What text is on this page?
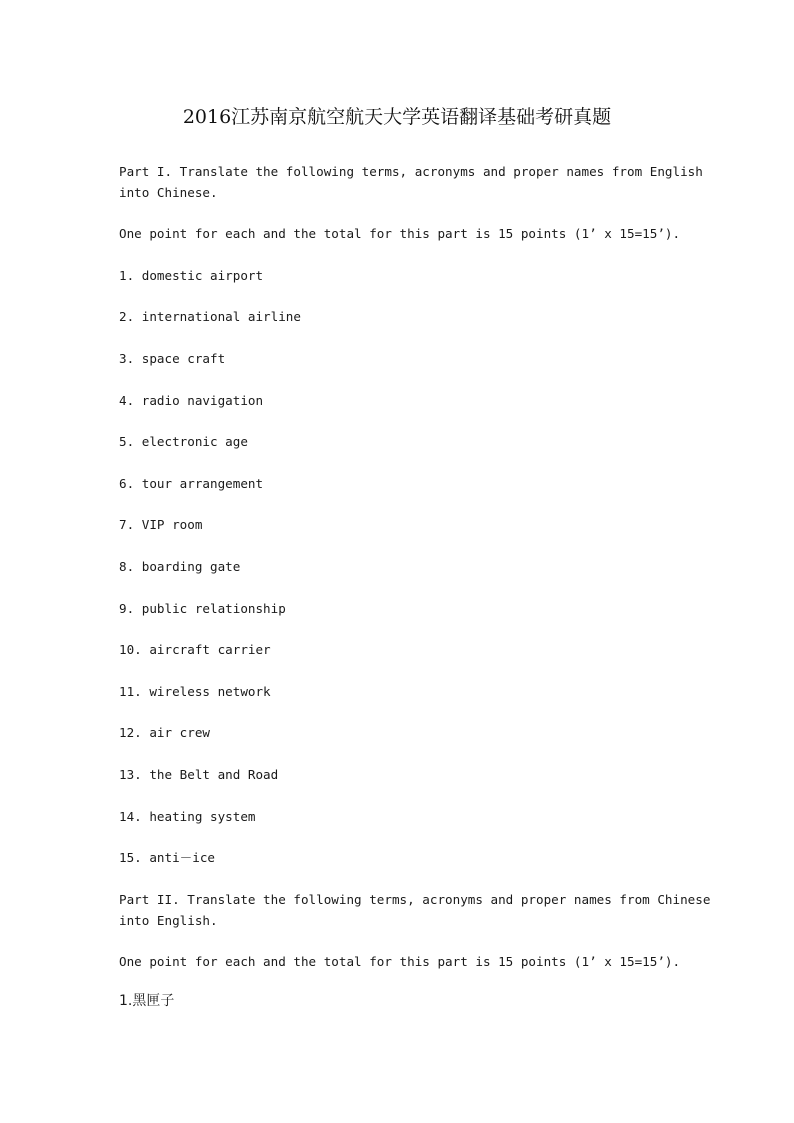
2016江苏南京航空航天大学英语翻译基础考研真题
Part I. Translate the following terms, acronyms and proper names from English
into Chinese.
One point for each and the total for this part is 15 points (1’ x 15=15’).
1. domestic airport
2. international airline
3. space craft
4. radio navigation
5. electronic age
6. tour arrangement
7. VIP room
8. boarding gate
9. public relationship
10. aircraft carrier
11. wireless network
12. air crew
13. the Belt and Road
14. heating system
15. anti－ice
Part II. Translate the following terms, acronyms and proper names from Chinese
into English.
One point for each and the total for this part is 15 points (1’ x 15=15’).
1.黑匣子
